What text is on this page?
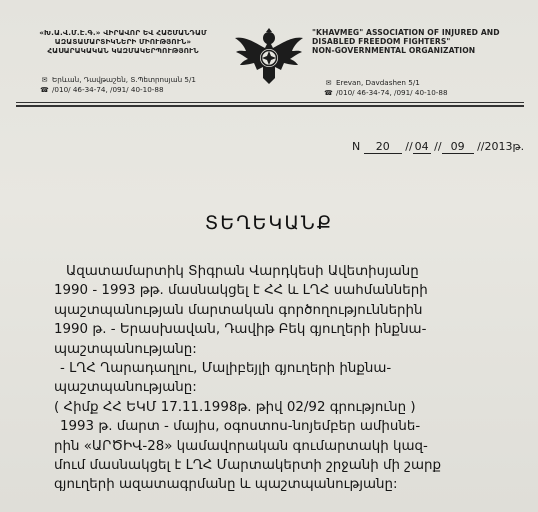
«Խ.Ա.Վ.Մ.Է.Գ.» ՎԻՐԱՎՈՐ ԵՎ ՀԱՇՄԱՆԴԱՄ
ԱԶԱՏԱՄԱՐՏԻԿՆԵՐԻ ՄԻՈՒԹՅՈՒՆ»
ՀԱՍԱՐԱԿԱԿԱՆ ԿԱԶՄԱԿԵՐՊՈՒԹՅՈՒՆ
"KHAVMEG" ASSOCIATION OF INJURED AND
DISABLED FREEDOM FIGHTERS"
NON-GOVERNMENTAL ORGANIZATION
✉ Երևան, Դավթաշեն, Տ.Պետրոսյան 5/1
☎ /010/ 46-34-74, /091/ 40-10-88
✉ Erevan, Davdashen 5/1
☎ /010/ 46-34-74, /091/ 40-10-88
N 20 // 04 // 09 //2013թ.
ՏԵՂԵԿԱՆՔ

Ազատամարտիկ Տիգրան Վարդկեսի Ավետիսյանը

1990 - 1993 թթ. մասնակցել է ՀՀ և ԼՂՀ սահմանների

պաշտպանության մարտական գործողություններին

1990 թ. - Երասխավան, Դավիթ Բեկ գյուղերի ինքնա-

պաշտպանությանը:

- ԼՂՀ Ղարադաղլու, Մալիբեյլի գյուղերի ինքնա-

պաշտպանությանը:

( Հիմք ՀՀ ԵԿՄ 17.11.1998թ. թիվ 02/92 գրությունը )

1993 թ. մարտ - մայիս, օգոստոս-նոյեմբեր ամիսնե-

րին «ԱՐԾԻՎ-28» կամավորական գումարտակի կազ-

մում մասնակցել է ԼՂՀ Մարտակերտի շրջանի մի շարք

գյուղերի ազատագրմանը և պաշտպանությանը:
